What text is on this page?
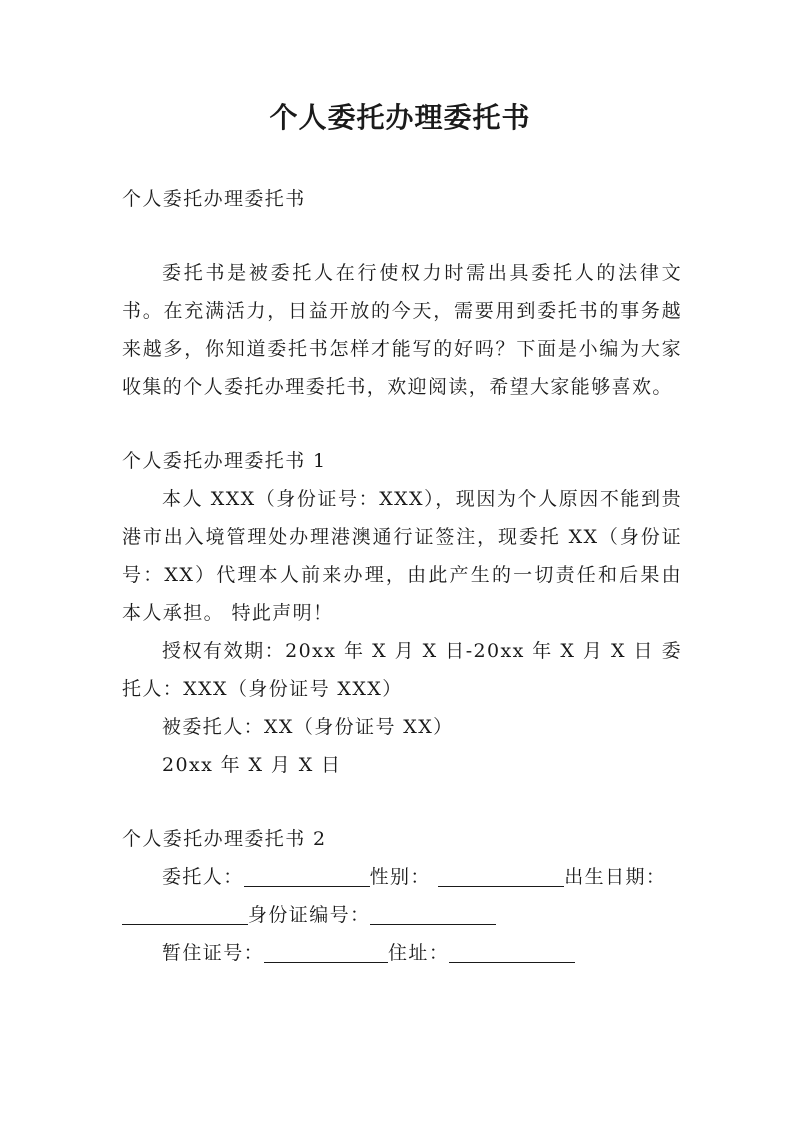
个人委托办理委托书

个人委托办理委托书

委托书是被委托人在行使权力时需出具委托人的法律文书。在充满活力，日益开放的今天，需要用到委托书的事务越来越多，你知道委托书怎样才能写的好吗？下面是小编为大家收集的个人委托办理委托书，欢迎阅读，希望大家能够喜欢。

个人委托办理委托书 1

本人 XXX（身份证号：XXX），现因为个人原因不能到贵港市出入境管理处办理港澳通行证签注，现委托 XX（身份证号：XX）代理本人前来办理，由此产生的一切责任和后果由本人承担。 特此声明！

授权有效期：20xx 年 X 月 X 日-20xx 年 X 月 X 日 委托人：XXX（身份证号 XXX）

被委托人：XX（身份证号 XX）

20xx 年 X 月 X 日

个人委托办理委托书 2

委托人：	性别：	出生日期：

身份证编号：

暂住证号：	住址：
